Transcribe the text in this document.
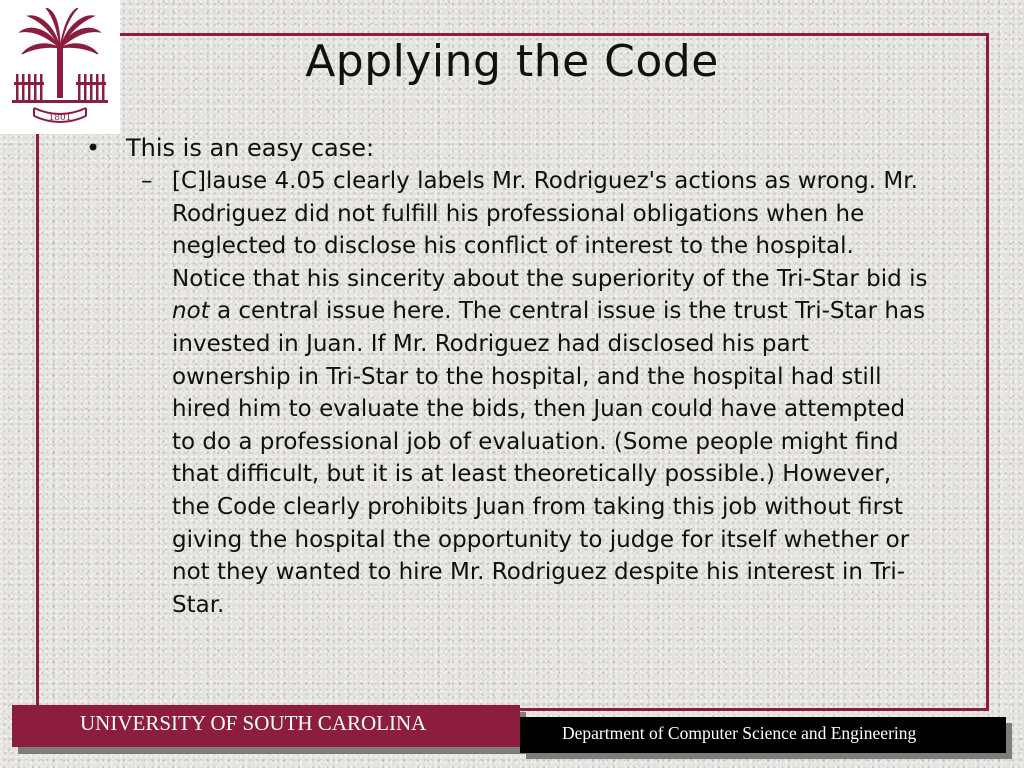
1801
Applying the Code

• This is an easy case:

– [C]lause 4.05 clearly labels Mr. Rodriguez's actions as wrong. Mr. Rodriguez did not fulfill his professional obligations when he neglected to disclose his conflict of interest to the hospital. Notice that his sincerity about the superiority of the Tri-Star bid is not a central issue here. The central issue is the trust Tri-Star has invested in Juan. If Mr. Rodriguez had disclosed his part ownership in Tri-Star to the hospital, and the hospital had still hired him to evaluate the bids, then Juan could have attempted to do a professional job of evaluation. (Some people might find that difficult, but it is at least theoretically possible.) However, the Code clearly prohibits Juan from taking this job without first giving the hospital the opportunity to judge for itself whether or not they wanted to hire Mr. Rodriguez despite his interest in Tri-Star.

UNIVERSITY OF SOUTH CAROLINA	Department of Computer Science and Engineering
